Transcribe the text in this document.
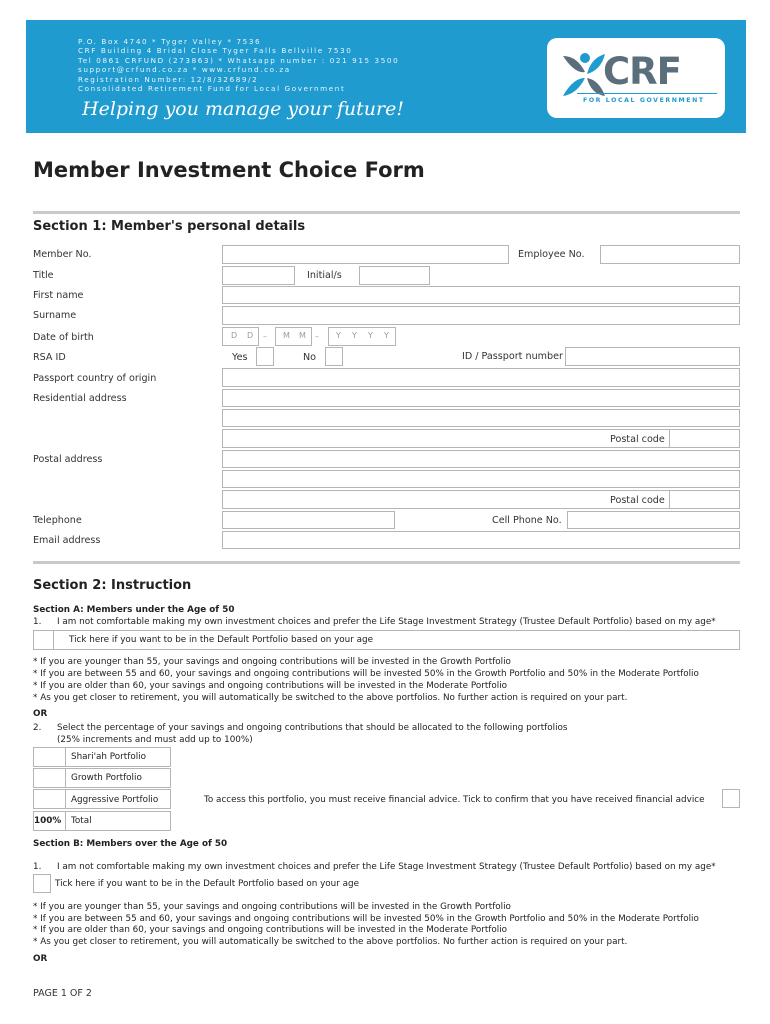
P.O. Box 4740 * Tyger Valley * 7536
CRF Building 4 Bridal Close Tyger Falls Bellville 7530
Tel 0861 CRFUND (273863) * Whatsapp number : 021 915 3500
support@crfund.co.za * www.crfund.co.za
Registration Number: 12/8/32689/2
Consolidated Retirement Fund for Local Government
Helping you manage your future!
CRF
FOR LOCAL GOVERNMENT
Member Investment Choice Form
Section 1: Member's personal details
Member No.	Employee No.
Title	Initial/s
First name
Surname
Date of birth	D D – M M – Y Y Y Y
RSA ID	Yes	No	ID / Passport number
Passport country of origin
Residential address
Postal code
Postal address
Postal code
Telephone	Cell Phone No.
Email address
Section 2: Instruction
Section A: Members under the Age of 50
1. I am not comfortable making my own investment choices and prefer the Life Stage Investment Strategy (Trustee Default Portfolio) based on my age*
Tick here if you want to be in the Default Portfolio based on your age
* If you are younger than 55, your savings and ongoing contributions will be invested in the Growth Portfolio
* If you are between 55 and 60, your savings and ongoing contributions will be invested 50% in the Growth Portfolio and 50% in the Moderate Portfolio
* If you are older than 60, your savings and ongoing contributions will be invested in the Moderate Portfolio
* As you get closer to retirement, you will automatically be switched to the above portfolios. No further action is required on your part.
OR
2. Select the percentage of your savings and ongoing contributions that should be allocated to the following portfolios
(25% increments and must add up to 100%)
Shari'ah Portfolio
Growth Portfolio
Aggressive Portfolio	To access this portfolio, you must receive financial advice. Tick to confirm that you have received financial advice
100% Total
Section B: Members over the Age of 50
1. I am not comfortable making my own investment choices and prefer the Life Stage Investment Strategy (Trustee Default Portfolio) based on my age*
Tick here if you want to be in the Default Portfolio based on your age
* If you are younger than 55, your savings and ongoing contributions will be invested in the Growth Portfolio
* If you are between 55 and 60, your savings and ongoing contributions will be invested 50% in the Growth Portfolio and 50% in the Moderate Portfolio
* If you are older than 60, your savings and ongoing contributions will be invested in the Moderate Portfolio
* As you get closer to retirement, you will automatically be switched to the above portfolios. No further action is required on your part.
OR
PAGE 1 OF 2
